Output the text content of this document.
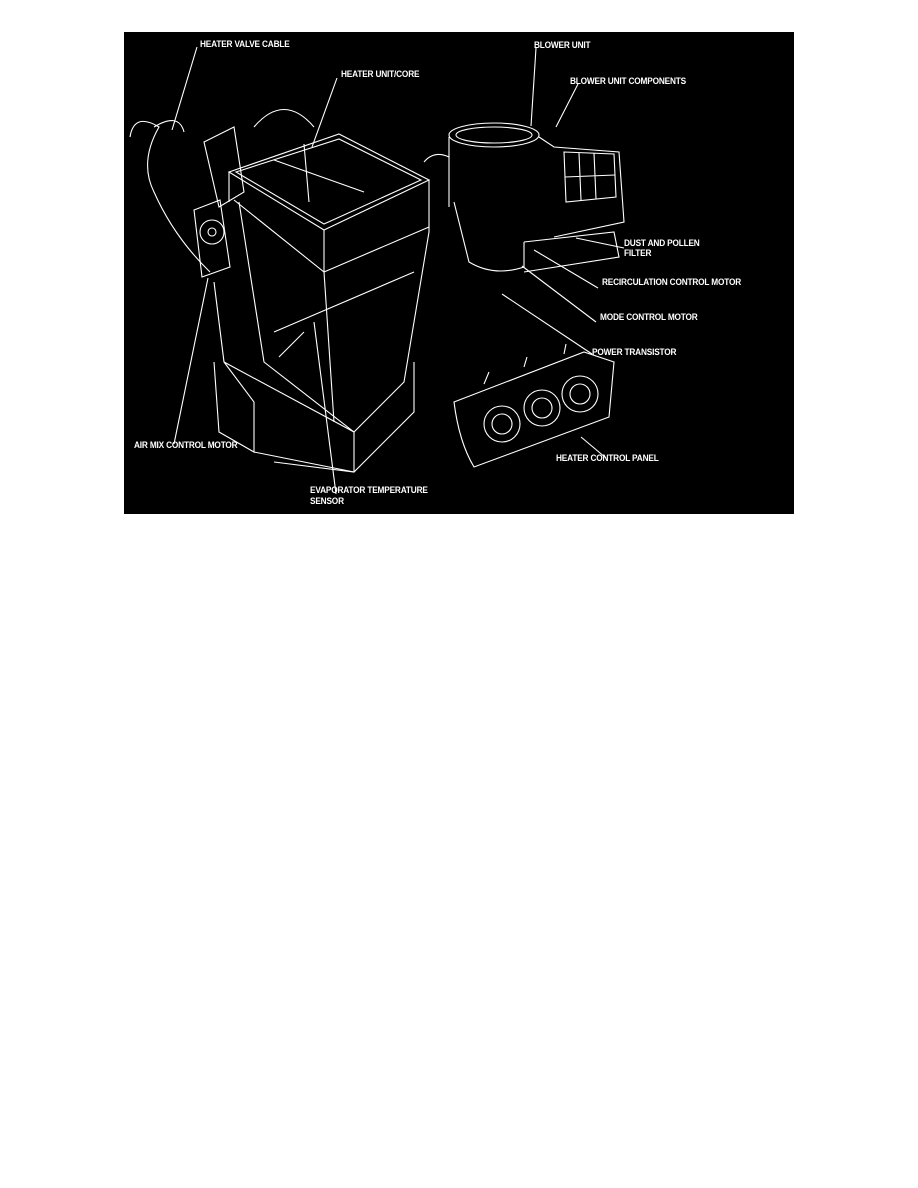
HEATER VALVE CABLE
HEATER UNIT/CORE
BLOWER UNIT
BLOWER UNIT COMPONENTS
DUST AND POLLEN
FILTER
RECIRCULATION CONTROL MOTOR
MODE CONTROL MOTOR
POWER TRANSISTOR
HEATER CONTROL PANEL
AIR MIX CONTROL MOTOR
EVAPORATOR TEMPERATURE
SENSOR
